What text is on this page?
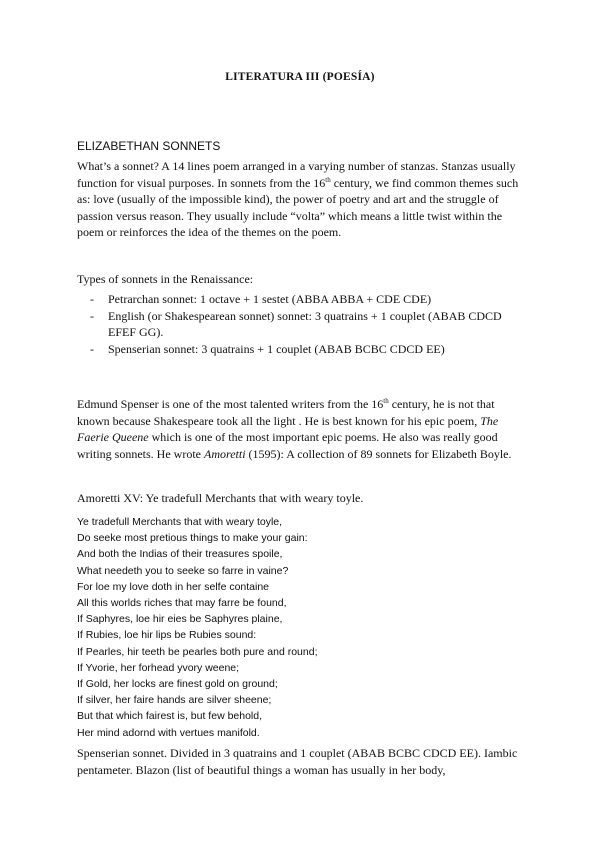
LITERATURA III (POESÍA)
ELIZABETHAN SONNETS

What’s a sonnet? A 14 lines poem arranged in a varying number of stanzas. Stanzas usually function for visual purposes. In sonnets from the 16th century, we find common themes such as: love (usually of the impossible kind), the power of poetry and art and the struggle of passion versus reason. They usually include “volta” which means a little twist within the poem or reinforces the idea of the themes on the poem.

Types of sonnets in the Renaissance:
- Petrarchan sonnet: 1 octave + 1 sestet (ABBA ABBA + CDE CDE)
- English (or Shakespearean sonnet) sonnet: 3 quatrains + 1 couplet (ABAB CDCD EFEF GG).
- Spenserian sonnet: 3 quatrains + 1 couplet (ABAB BCBC CDCD EE)

Edmund Spenser is one of the most talented writers from the 16th century, he is not that known because Shakespeare took all the light . He is best known for his epic poem, The Faerie Queene which is one of the most important epic poems. He also was really good writing sonnets. He wrote Amoretti (1595): A collection of 89 sonnets for Elizabeth Boyle.

Amoretti XV: Ye tradefull Merchants that with weary toyle.
Ye tradefull Merchants that with weary toyle,
Do seeke most pretious things to make your gain:
And both the Indias of their treasures spoile,
What needeth you to seeke so farre in vaine?
For loe my love doth in her selfe containe
All this worlds riches that may farre be found,
If Saphyres, loe hir eies be Saphyres plaine,
If Rubies, loe hir lips be Rubies sound:
If Pearles, hir teeth be pearles both pure and round;
If Yvorie, her forhead yvory weene;
If Gold, her locks are finest gold on ground;
If silver, her faire hands are silver sheene;
But that which fairest is, but few behold,
Her mind adornd with vertues manifold.

Spenserian sonnet. Divided in 3 quatrains and 1 couplet (ABAB BCBC CDCD EE). Iambic pentameter. Blazon (list of beautiful things a woman has usually in her body,
